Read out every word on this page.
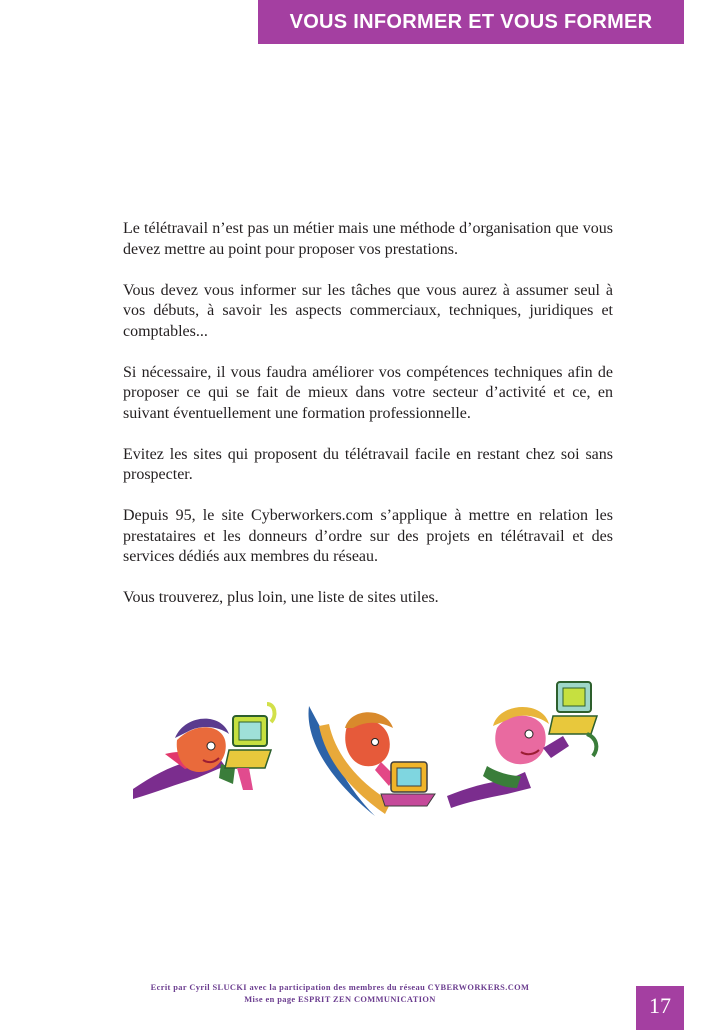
VOUS INFORMER ET VOUS FORMER

Le télétravail n’est pas un métier mais une méthode d’organisation que vous devez mettre au point pour proposer vos prestations.

Vous devez vous informer sur les tâches que vous aurez à assumer seul à vos débuts, à savoir les aspects commerciaux, techniques, juridiques et comptables...

Si nécessaire, il vous faudra améliorer vos compétences techniques afin de proposer ce qui se fait de mieux dans votre secteur d’activité et ce, en suivant éventuellement une formation professionnelle.

Evitez les sites qui proposent du télétravail facile en restant chez soi sans prospecter.

Depuis 95, le site Cyberworkers.com s’applique à mettre en relation les prestataires et les donneurs d’ordre sur des projets en télétravail et des services dédiés aux membres du réseau.

Vous trouverez, plus loin, une liste de sites utiles.

Ecrit par Cyril SLUCKI avec la participation des membres du réseau CYBERWORKERS.COM
Mise en page ESPRIT ZEN COMMUNICATION	17
